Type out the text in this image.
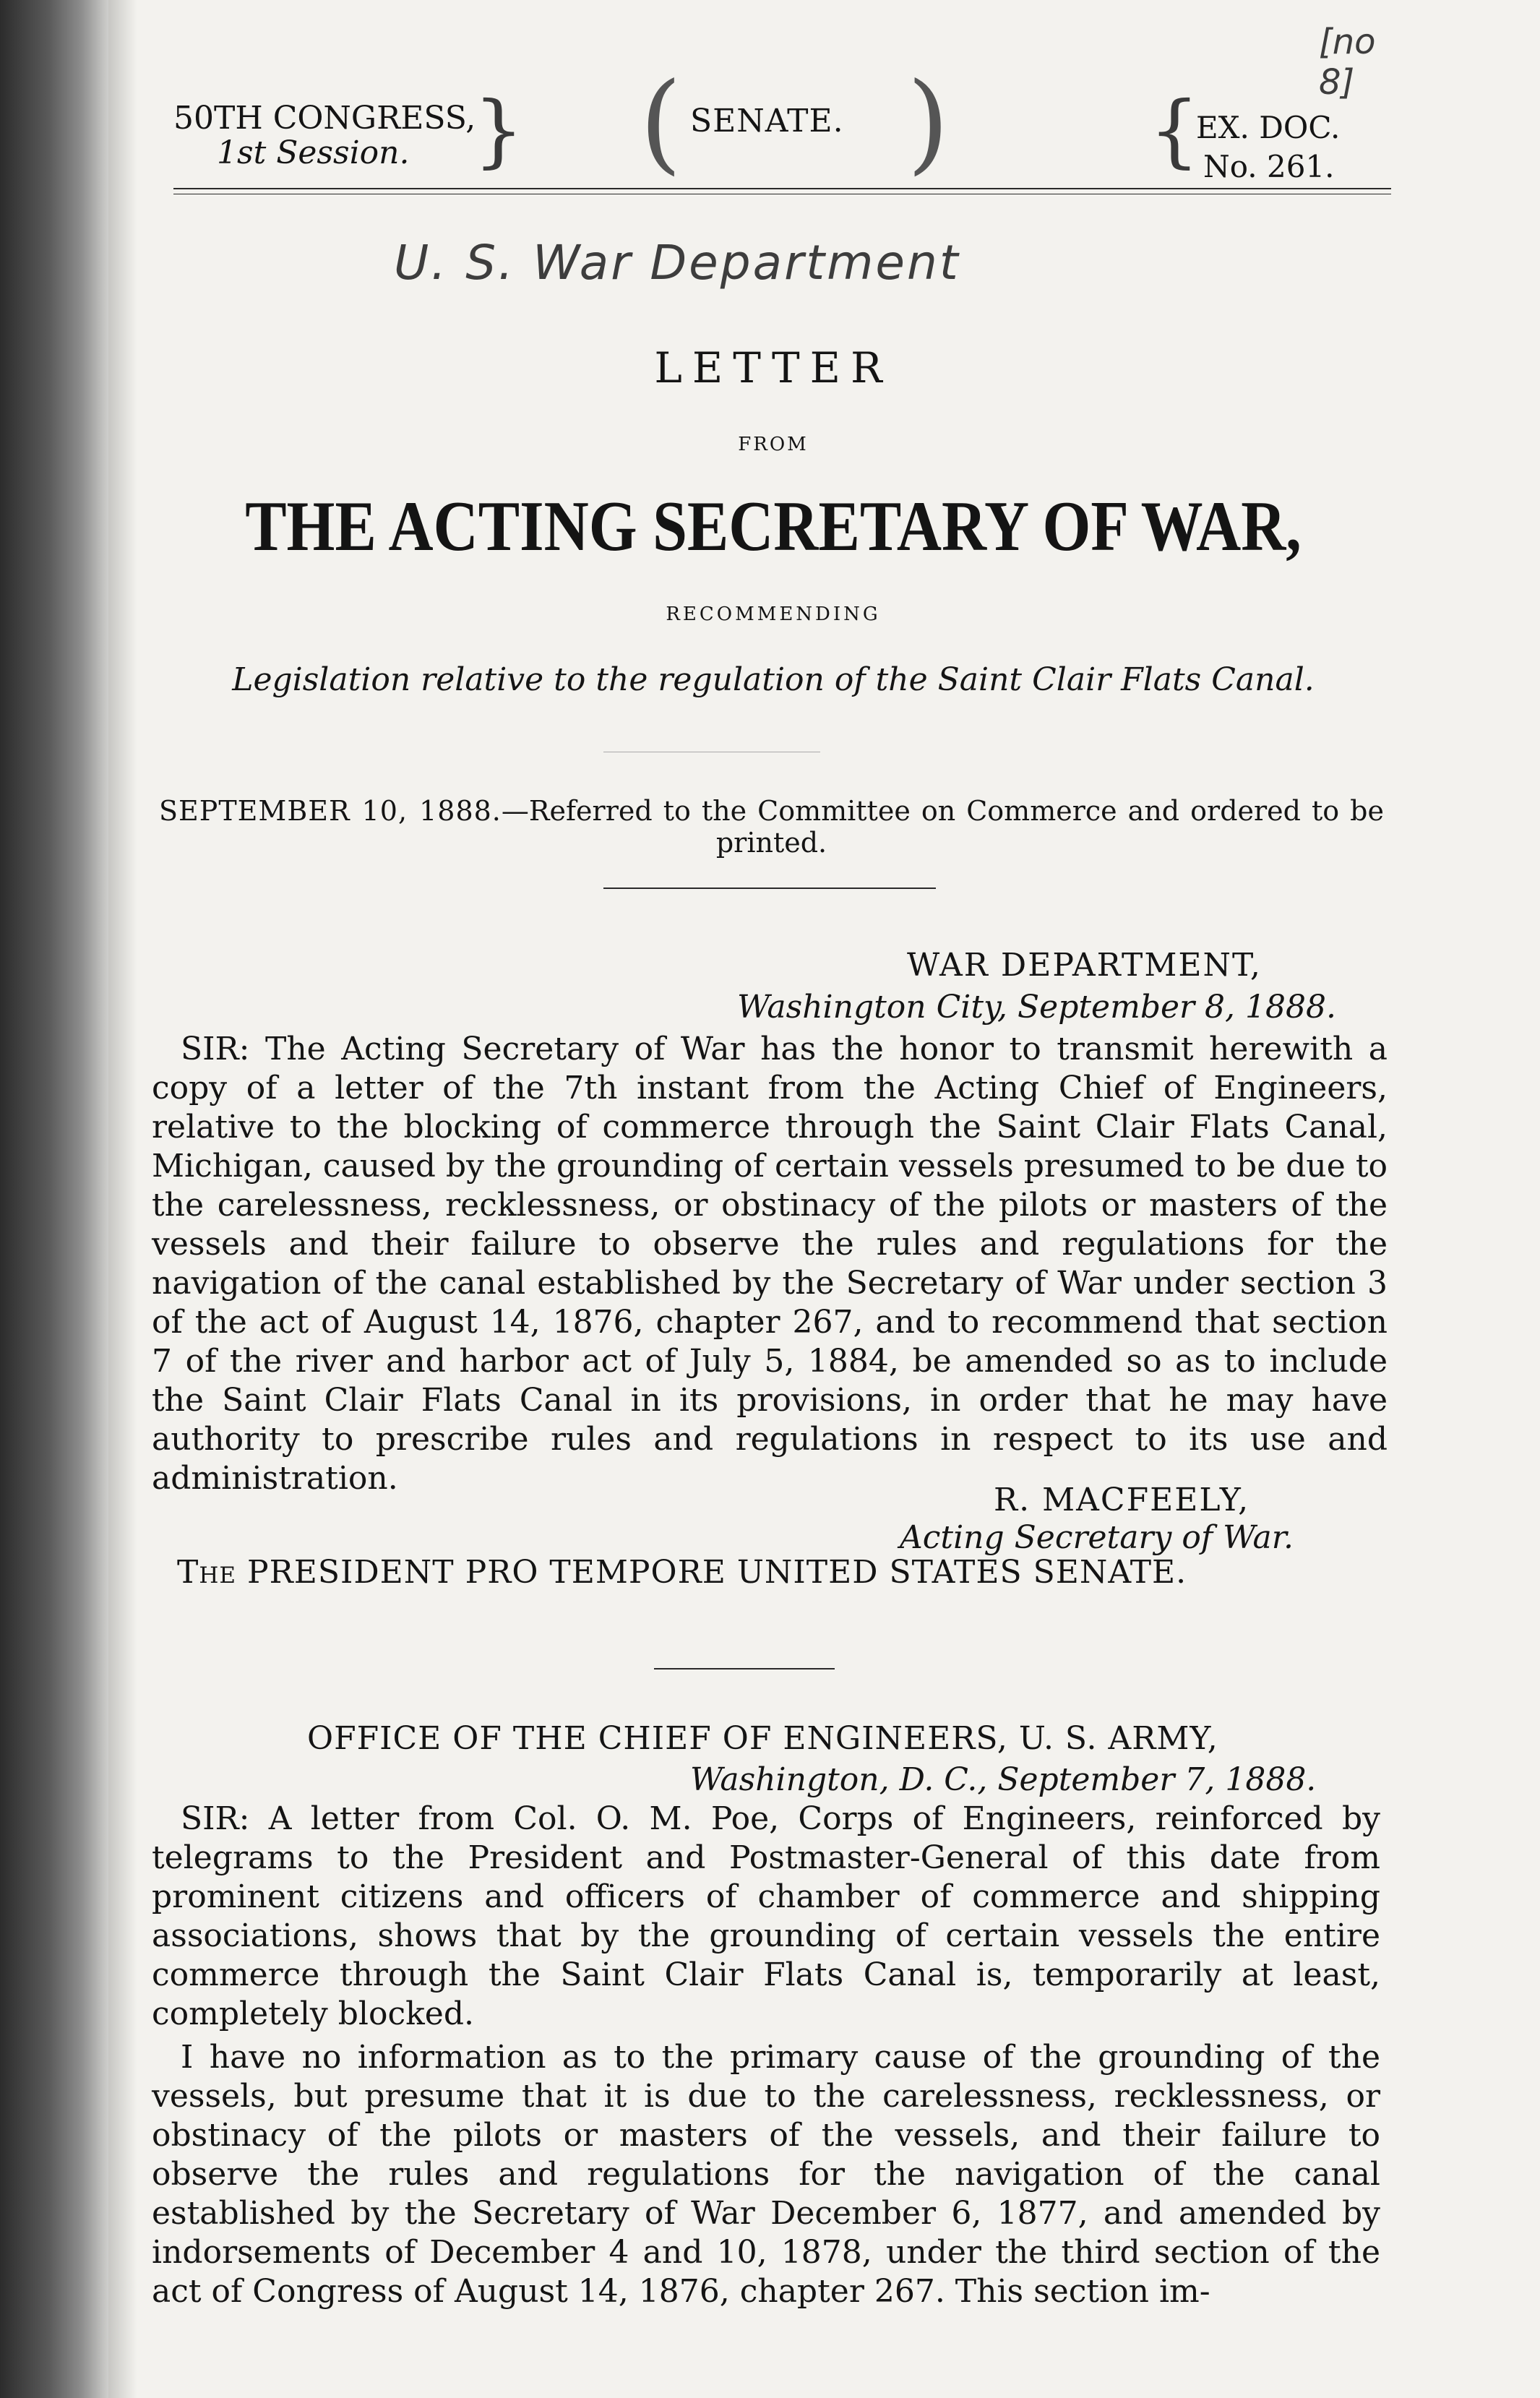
[no 8]
50TH CONGRESS,
1st Session. } ( SENATE. )	{
EX. DOC.
No. 261.
U. S. War Department
LETTER
FROM
THE ACTING SECRETARY OF WAR,
RECOMMENDING
Legislation relative to the regulation of the Saint Clair Flats Canal.
SEPTEMBER 10, 1888.—Referred to the Committee on Commerce and ordered to be printed.
WAR DEPARTMENT,
Washington City, September 8, 1888.

SIR: The Acting Secretary of War has the honor to transmit herewith a copy of a letter of the 7th instant from the Acting Chief of Engineers, relative to the blocking of commerce through the Saint Clair Flats Canal, Michigan, caused by the grounding of certain vessels presumed to be due to the carelessness, recklessness, or obstinacy of the pilots or masters of the vessels and their failure to observe the rules and regulations for the navigation of the canal established by the Secretary of War under section 3 of the act of August 14, 1876, chapter 267, and to recommend that section 7 of the river and harbor act of July 5, 1884, be amended so as to include the Saint Clair Flats Canal in its provisions, in order that he may have authority to prescribe rules and regulations in respect to its use and administration.

R. MACFEELY,
Acting Secretary of War.
The PRESIDENT PRO TEMPORE UNITED STATES SENATE.
OFFICE OF THE CHIEF OF ENGINEERS, U. S. ARMY,
Washington, D. C., September 7, 1888.

SIR: A letter from Col. O. M. Poe, Corps of Engineers, reinforced by telegrams to the President and Postmaster-General of this date from prominent citizens and officers of chamber of commerce and shipping associations, shows that by the grounding of certain vessels the entire commerce through the Saint Clair Flats Canal is, temporarily at least, completely blocked.

I have no information as to the primary cause of the grounding of the vessels, but presume that it is due to the carelessness, recklessness, or obstinacy of the pilots or masters of the vessels, and their failure to observe the rules and regulations for the navigation of the canal established by the Secretary of War December 6, 1877, and amended by indorsements of December 4 and 10, 1878, under the third section of the act of Congress of August 14, 1876, chapter 267. This section im-
